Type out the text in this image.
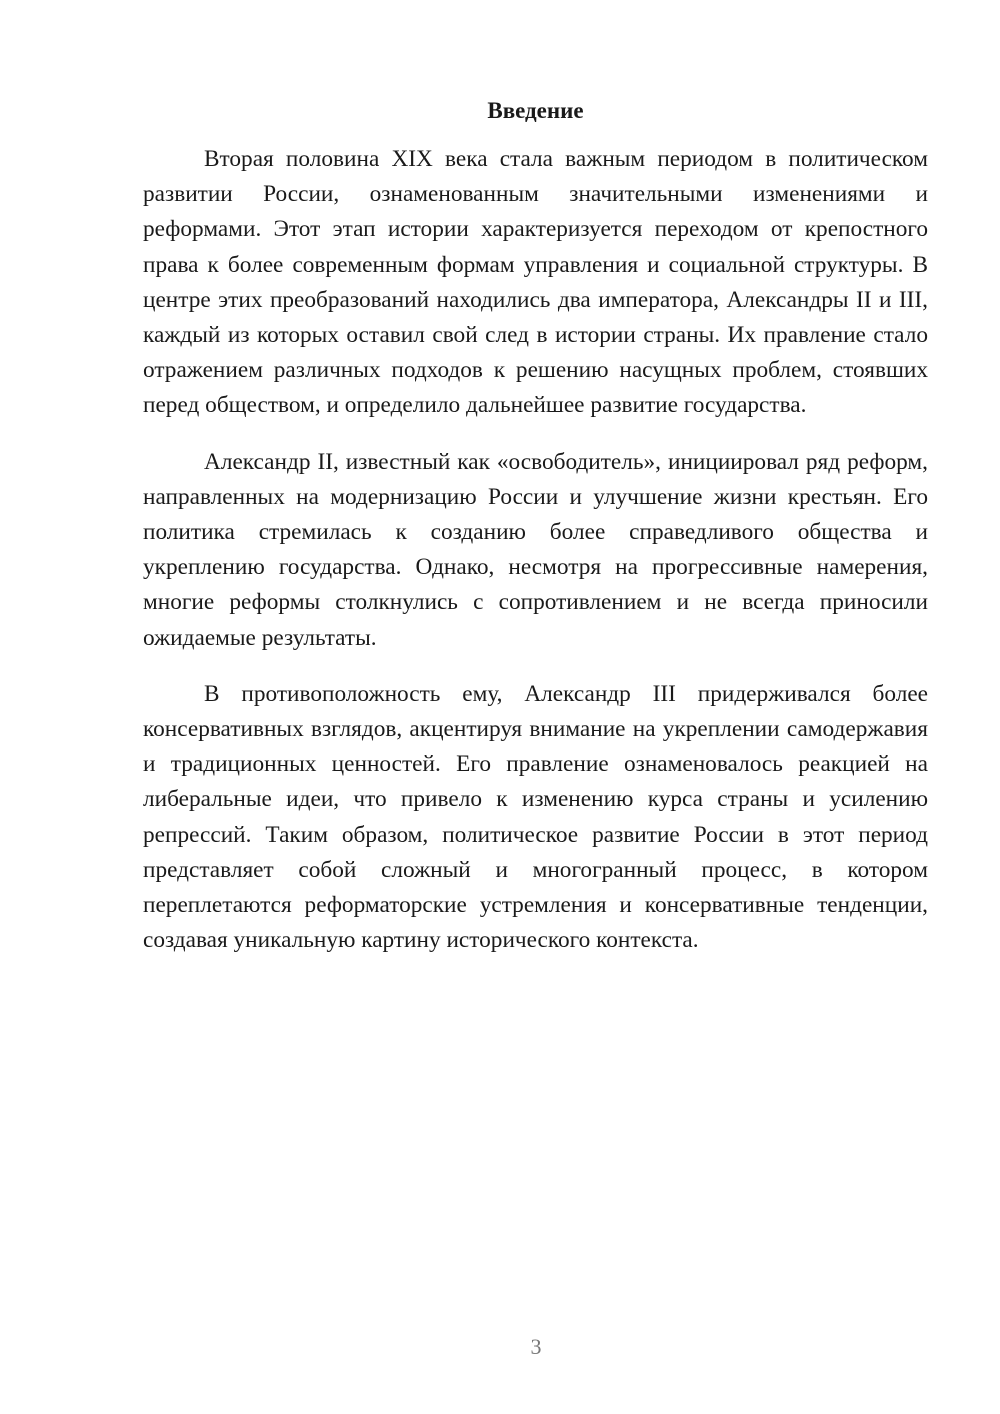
Введение

Вторая половина XIX века стала важным периодом в политическом развитии России, ознаменованным значительными изменениями и реформами. Этот этап истории характеризуется переходом от крепостного права к более современным формам управления и социальной структуры. В центре этих преобразований находились два императора, Александры II и III, каждый из которых оставил свой след в истории страны. Их правление стало отражением различных подходов к решению насущных проблем, стоявших перед обществом, и определило дальнейшее развитие государства.

Александр II, известный как «освободитель», инициировал ряд реформ, направленных на модернизацию России и улучшение жизни крестьян. Его политика стремилась к созданию более справедливого общества и укреплению государства. Однако, несмотря на прогрессивные намерения, многие реформы столкнулись с сопротивлением и не всегда приносили ожидаемые результаты.

В противоположность ему, Александр III придерживался более консервативных взглядов, акцентируя внимание на укреплении самодержавия и традиционных ценностей. Его правление ознаменовалось реакцией на либеральные идеи, что привело к изменению курса страны и усилению репрессий. Таким образом, политическое развитие России в этот период представляет собой сложный и многогранный процесс, в котором переплетаются реформаторские устремления и консервативные тенденции, создавая уникальную картину исторического контекста.

3
